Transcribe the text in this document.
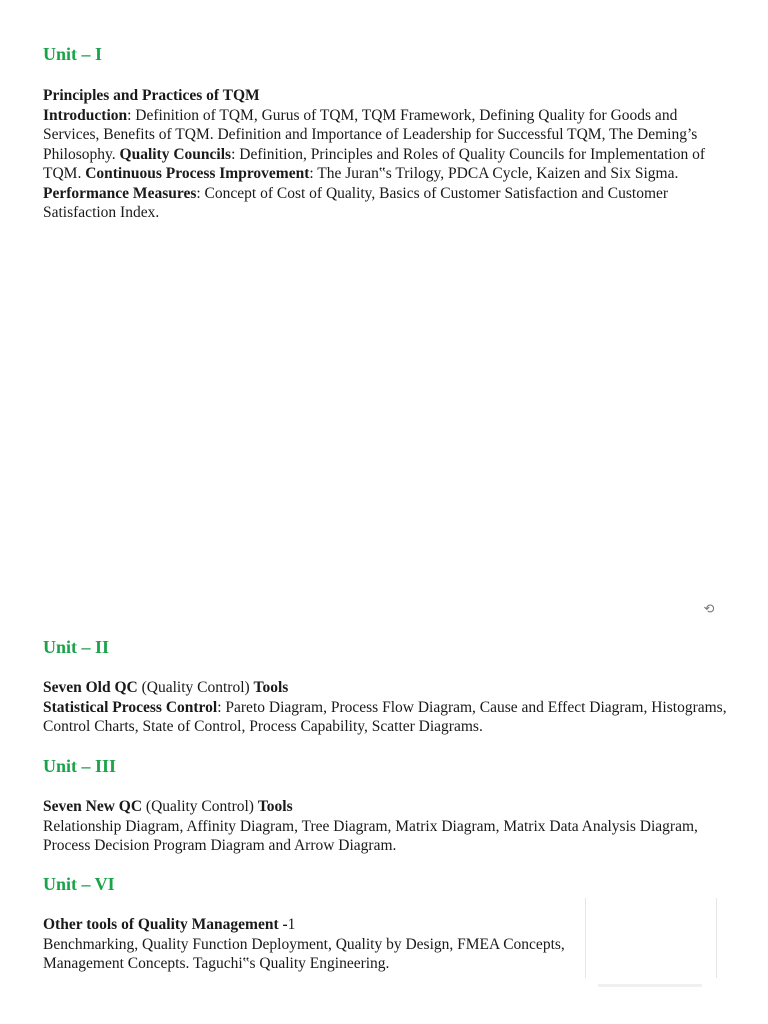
Unit – I

Principles and Practices of TQM

Introduction: Definition of TQM, Gurus of TQM, TQM Framework, Defining Quality for Goods and Services, Benefits of TQM. Definition and Importance of Leadership for Successful TQM, The Deming’s Philosophy. Quality Councils: Definition, Principles and Roles of Quality Councils for Implementation of TQM. Continuous Process Improvement: The Juran‟s Trilogy, PDCA Cycle, Kaizen and Six Sigma. Performance Measures: Concept of Cost of Quality, Basics of Customer Satisfaction and Customer Satisfaction Index.

⟲
Unit – II

Seven Old QC (Quality Control) Tools

Statistical Process Control: Pareto Diagram, Process Flow Diagram, Cause and Effect Diagram, Histograms, Control Charts, State of Control, Process Capability, Scatter Diagrams.

Unit – III

Seven New QC (Quality Control) Tools

Relationship Diagram, Affinity Diagram, Tree Diagram, Matrix Diagram, Matrix Data Analysis Diagram, Process Decision Program Diagram and Arrow Diagram.

Unit – VI

Other tools of Quality Management -1

Benchmarking, Quality Function Deployment, Quality by Design, FMEA Concepts,

Management Concepts. Taguchi‟s Quality Engineering.
